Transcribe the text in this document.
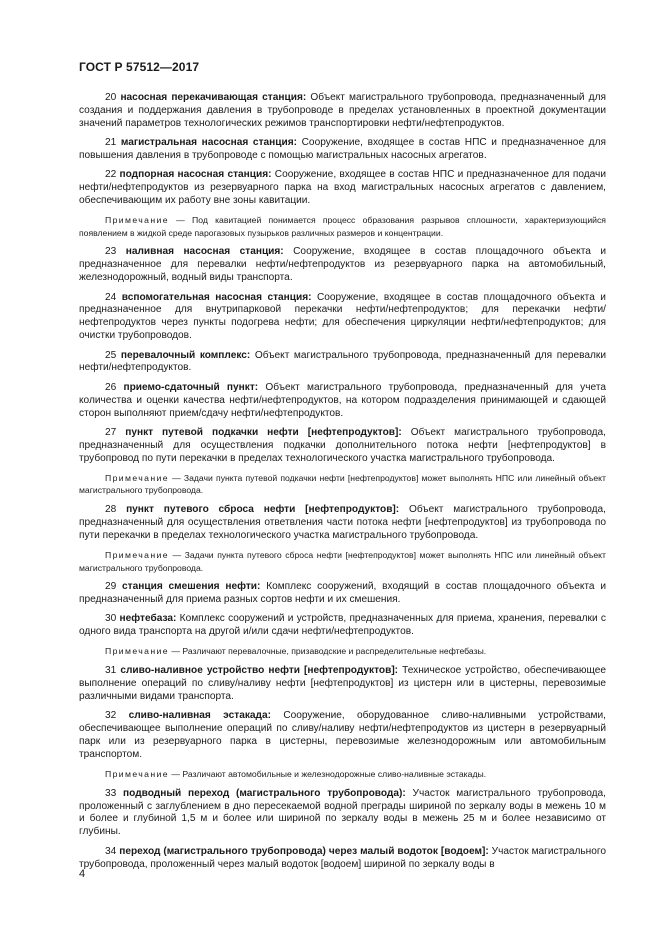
ГОСТ Р 57512—2017
20 насосная перекачивающая станция: Объект магистрального трубопровода, предназначенный для создания и поддержания давления в трубопроводе в пределах установленных в проектной документации значений параметров технологических режимов транспортировки нефти/нефтепродуктов.
21 магистральная насосная станция: Сооружение, входящее в состав НПС и предназначенное для повышения давления в трубопроводе с помощью магистральных насосных агрегатов.
22 подпорная насосная станция: Сооружение, входящее в состав НПС и предназначенное для подачи нефти/нефтепродуктов из резервуарного парка на вход магистральных насосных агрегатов с давлением, обеспечивающим их работу вне зоны кавитации.
Примечание — Под кавитацией понимается процесс образования разрывов сплошности, характеризующийся появлением в жидкой среде парогазовых пузырьков различных размеров и концентрации.
23 наливная насосная станция: Сооружение, входящее в состав площадочного объекта и предназначенное для перевалки нефти/нефтепродуктов из резервуарного парка на автомобильный, железнодорожный, водный виды транспорта.
24 вспомогательная насосная станция: Сооружение, входящее в состав площадочного объекта и предназначенное для внутрипарковой перекачки нефти/нефтепродуктов; для перекачки нефти/нефтепродуктов через пункты подогрева нефти; для обеспечения циркуляции нефти/нефтепродуктов; для очистки трубопроводов.
25 перевалочный комплекс: Объект магистрального трубопровода, предназначенный для перевалки нефти/нефтепродуктов.
26 приемо-сдаточный пункт: Объект магистрального трубопровода, предназначенный для учета количества и оценки качества нефти/нефтепродуктов, на котором подразделения принимающей и сдающей сторон выполняют прием/сдачу нефти/нефтепродуктов.
27 пункт путевой подкачки нефти [нефтепродуктов]: Объект магистрального трубопровода, предназначенный для осуществления подкачки дополнительного потока нефти [нефтепродуктов] в трубопровод по пути перекачки в пределах технологического участка магистрального трубопровода.
Примечание — Задачи пункта путевой подкачки нефти [нефтепродуктов] может выполнять НПС или линейный объект магистрального трубопровода.
28 пункт путевого сброса нефти [нефтепродуктов]: Объект магистрального трубопровода, предназначенный для осуществления ответвления части потока нефти [нефтепродуктов] из трубопровода по пути перекачки в пределах технологического участка магистрального трубопровода.
Примечание — Задачи пункта путевого сброса нефти [нефтепродуктов] может выполнять НПС или линейный объект магистрального трубопровода.
29 станция смешения нефти: Комплекс сооружений, входящий в состав площадочного объекта и предназначенный для приема разных сортов нефти и их смешения.
30 нефтебаза: Комплекс сооружений и устройств, предназначенных для приема, хранения, перевалки с одного вида транспорта на другой и/или сдачи нефти/нефтепродуктов.
Примечание — Различают перевалочные, призаводские и распределительные нефтебазы.
31 сливо-наливное устройство нефти [нефтепродуктов]: Техническое устройство, обеспечивающее выполнение операций по сливу/наливу нефти [нефтепродуктов] из цистерн или в цистерны, перевозимые различными видами транспорта.
32 сливо-наливная эстакада: Сооружение, оборудованное сливо-наливными устройствами, обеспечивающее выполнение операций по сливу/наливу нефти/нефтепродуктов из цистерн в резервуарный парк или из резервуарного парка в цистерны, перевозимые железнодорожным или автомобильным транспортом.
Примечание — Различают автомобильные и железнодорожные сливо-наливные эстакады.
33 подводный переход (магистрального трубопровода): Участок магистрального трубопровода, проложенный с заглублением в дно пересекаемой водной преграды шириной по зеркалу воды в межень 10 м и более и глубиной 1,5 м и более или шириной по зеркалу воды в межень 25 м и более независимо от глубины.
34 переход (магистрального трубопровода) через малый водоток [водоем]: Участок магистрального трубопровода, проложенный через малый водоток [водоем] шириной по зеркалу воды в
4
